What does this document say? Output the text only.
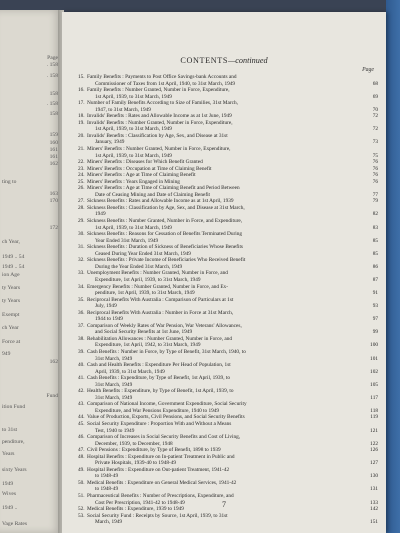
Page
. 158
. 158
158
. 158
158
159
160
161
161
162
ting to
163
170
172
ch Year,
1949 .. 54
1949 .. 54
ion Age
ty Years
ty Years
Exempt
ch Year
Force at
949
162
Fund
ition Fund
to 31st
penditure,
Years
sixty Years
1949
Wives
1949 ..
Vage Rates
CONTENTS—continued
Page
15. Family Benefits : Payments to Post Office Savings-bank Accounts and
Commissioner of Taxes from 1st April, 1940, to 31st March, 1949	68
16. Family Benefits : Number Granted, Number in Force, Expenditure,
1st April, 1939, to 31st March, 1949	69
17. Number of Family Benefits According to Size of Families, 31st March,
1947, to 31st March, 1949	70
18. Invalids' Benefits : Rates and Allowable Income as at 1st June, 1949	72
19. Invalids' Benefits : Number Granted, Number in Force, Expenditure,
1st April, 1939, to 31st March, 1949	72
20. Invalids' Benefits : Classification by Age, Sex, and Disease at 31st
January, 1949	73
21. Miners' Benefits : Number Granted, Number in Force, Expenditure,
1st April, 1939, to 31st March, 1949	75
22. Miners' Benefits : Diseases for Which Benefit Granted	76
23. Miners' Benefits : Occupation at Time of Claiming Benefit	76
24. Miners' Benefits : Age at Time of Claiming Benefit	76
25. Miners' Benefits : Years Engaged in Mining	76
26. Miners' Benefits : Age at Time of Claiming Benefit and Period Between
Date of Ceasing Mining and Date of Claiming Benefit	77
27. Sickness Benefits : Rates and Allowable Income as at 1st April, 1939	79
28. Sickness Benefits : Classification by Age, Sex, and Disease at 31st March,
1949	82
29. Sickness Benefits : Number Granted, Number in Force, and Expenditure,
1st April, 1939, to 31st March, 1949	83
30. Sickness Benefits : Reasons for Cessation of Benefits Terminated During
Year Ended 31st March, 1949	85
31. Sickness Benefits : Duration of Sickness of Beneficiaries Whose Benefits
Ceased During Year Ended 31st March, 1949	85
32. Sickness Benefits : Private Income of Beneficiaries Who Received Benefit
During the Year Ended 31st March, 1949	86
33. Unemployment Benefits : Number Granted, Number in Force, and
Expenditure, 1st April, 1939, to 31st March, 1949	87
34. Emergency Benefits : Number Granted, Number in Force, and Ex-
penditure, 1st April, 1939, to 31st March, 1949	91
35. Reciprocal Benefits With Australia : Comparison of Particulars at 1st
July, 1949	93
36. Reciprocal Benefits With Australia : Number in Force at 31st March,
1944 to 1949	97
37. Comparison of Weekly Rates of War Pension, War Veterans' Allowances,
and Social Security Benefits at 1st June, 1949	99
38. Rehabilitation Allowances : Number Granted, Number in Force, and
Expenditure, 1st April, 1942, to 31st March, 1949	100
39. Cash Benefits : Number in Force, by Type of Benefit, 31st March, 1940, to
31st March, 1949	101
40. Cash and Health Benefits : Expenditure Per Head of Population, 1st
April, 1939, to 31st March, 1949	102
41. Cash Benefits : Expenditure, by Type of Benefit, 1st April, 1939, to
31st March, 1949	105
42. Health Benefits : Expenditure, by Type of Benefit, 1st April, 1939, to
31st March, 1949	117
43. Comparison of National Income, Government Expenditure, Social Security
Expenditure, and War Pensions Expenditure, 1940 to 1949	118
44. Value of Production, Exports, Civil Pensions, and Social Security Benefits	119
45. Social Security Expenditure : Proportion With and Without a Means
Test, 1940 to 1949	121
46. Comparison of Increases in Social Security Benefits and Cost of Living,
December, 1939, to December, 1948	122
47. Civil Pensions : Expenditure, by Type of Benefit, 1898 to 1939	126
48. Hospital Benefits : Expenditure on In-patient Treatment in Public and
Private Hospitals, 1939-40 to 1948-49	127
49. Hospital Benefits : Expenditure on Out-patient Treatment, 1941-42
to 1948-49	130
50. Medical Benefits : Expenditure on General Medical Services, 1941-42
to 1948-49	131
51. Pharmaceutical Benefits : Number of Prescriptions, Expenditure, and
Cost Per Prescription, 1941-42 to 1948-49	133
52. Medical Benefits : Expenditure, 1939 to 1949	142
53. Social Security Fund : Receipts by Source, 1st April, 1939, to 31st
March, 1949	151
7
